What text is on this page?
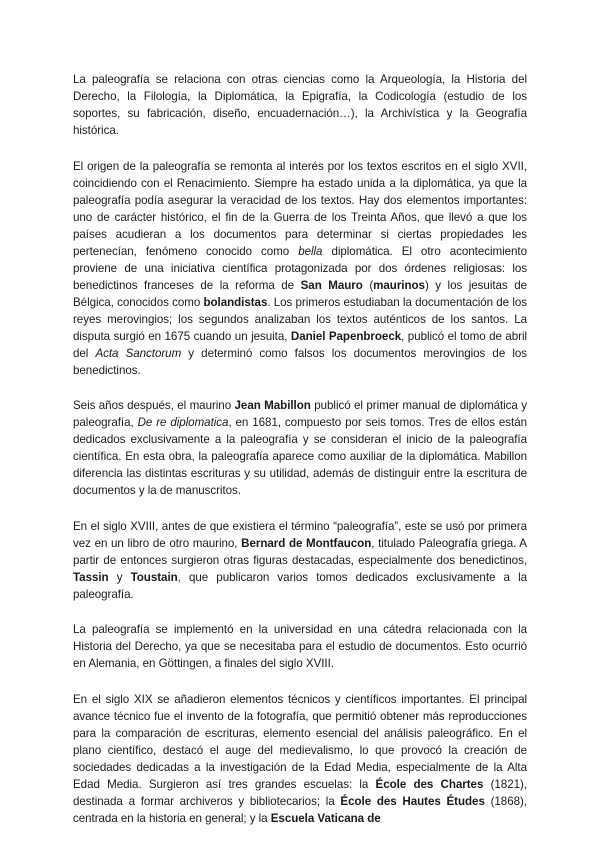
La paleografía se relaciona con otras ciencias como la Arqueología, la Historia del Derecho, la Filología, la Diplomática, la Epigrafía, la Codicología (estudio de los soportes, su fabricación, diseño, encuadernación…), la Archivística y la Geografía histórica.

El origen de la paleografía se remonta al interés por los textos escritos en el siglo XVII, coincidiendo con el Renacimiento. Siempre ha estado unida a la diplomática, ya que la paleografía podía asegurar la veracidad de los textos. Hay dos elementos importantes: uno de carácter histórico, el fin de la Guerra de los Treinta Años, que llevó a que los países acudieran a los documentos para determinar si ciertas propiedades les pertenecían, fenómeno conocido como bella diplomática. El otro acontecimiento proviene de una iniciativa científica protagonizada por dos órdenes religiosas: los benedictinos franceses de la reforma de San Mauro (maurinos) y los jesuitas de Bélgica, conocidos como bolandistas. Los primeros estudiaban la documentación de los reyes merovingios; los segundos analizaban los textos auténticos de los santos. La disputa surgió en 1675 cuando un jesuita, Daniel Papenbroeck, publicó el tomo de abril del Acta Sanctorum y determinó como falsos los documentos merovingios de los benedictinos.

Seis años después, el maurino Jean Mabillon publicó el primer manual de diplomática y paleografía, De re diplomatica, en 1681, compuesto por seis tomos. Tres de ellos están dedicados exclusivamente a la paleografía y se consideran el inicio de la paleografía científica. En esta obra, la paleografía aparece como auxiliar de la diplomática. Mabillon diferencia las distintas escrituras y su utilidad, además de distinguir entre la escritura de documentos y la de manuscritos.

En el siglo XVIII, antes de que existiera el término “paleografía”, este se usó por primera vez en un libro de otro maurino, Bernard de Montfaucon, titulado Paleografía griega. A partir de entonces surgieron otras figuras destacadas, especialmente dos benedictinos, Tassin y Toustain, que publicaron varios tomos dedicados exclusivamente a la paleografía.

La paleografía se implementó en la universidad en una cátedra relacionada con la Historia del Derecho, ya que se necesitaba para el estudio de documentos. Esto ocurrió en Alemania, en Göttingen, a finales del siglo XVIII.

En el siglo XIX se añadieron elementos técnicos y científicos importantes. El principal avance técnico fue el invento de la fotografía, que permitió obtener más reproducciones para la comparación de escrituras, elemento esencial del análisis paleográfico. En el plano científico, destacó el auge del medievalismo, lo que provocó la creación de sociedades dedicadas a la investigación de la Edad Media, especialmente de la Alta Edad Media. Surgieron así tres grandes escuelas: la École des Chartes (1821), destinada a formar archiveros y bibliotecarios; la École des Hautes Études (1868), centrada en la historia en general; y la Escuela Vaticana de
